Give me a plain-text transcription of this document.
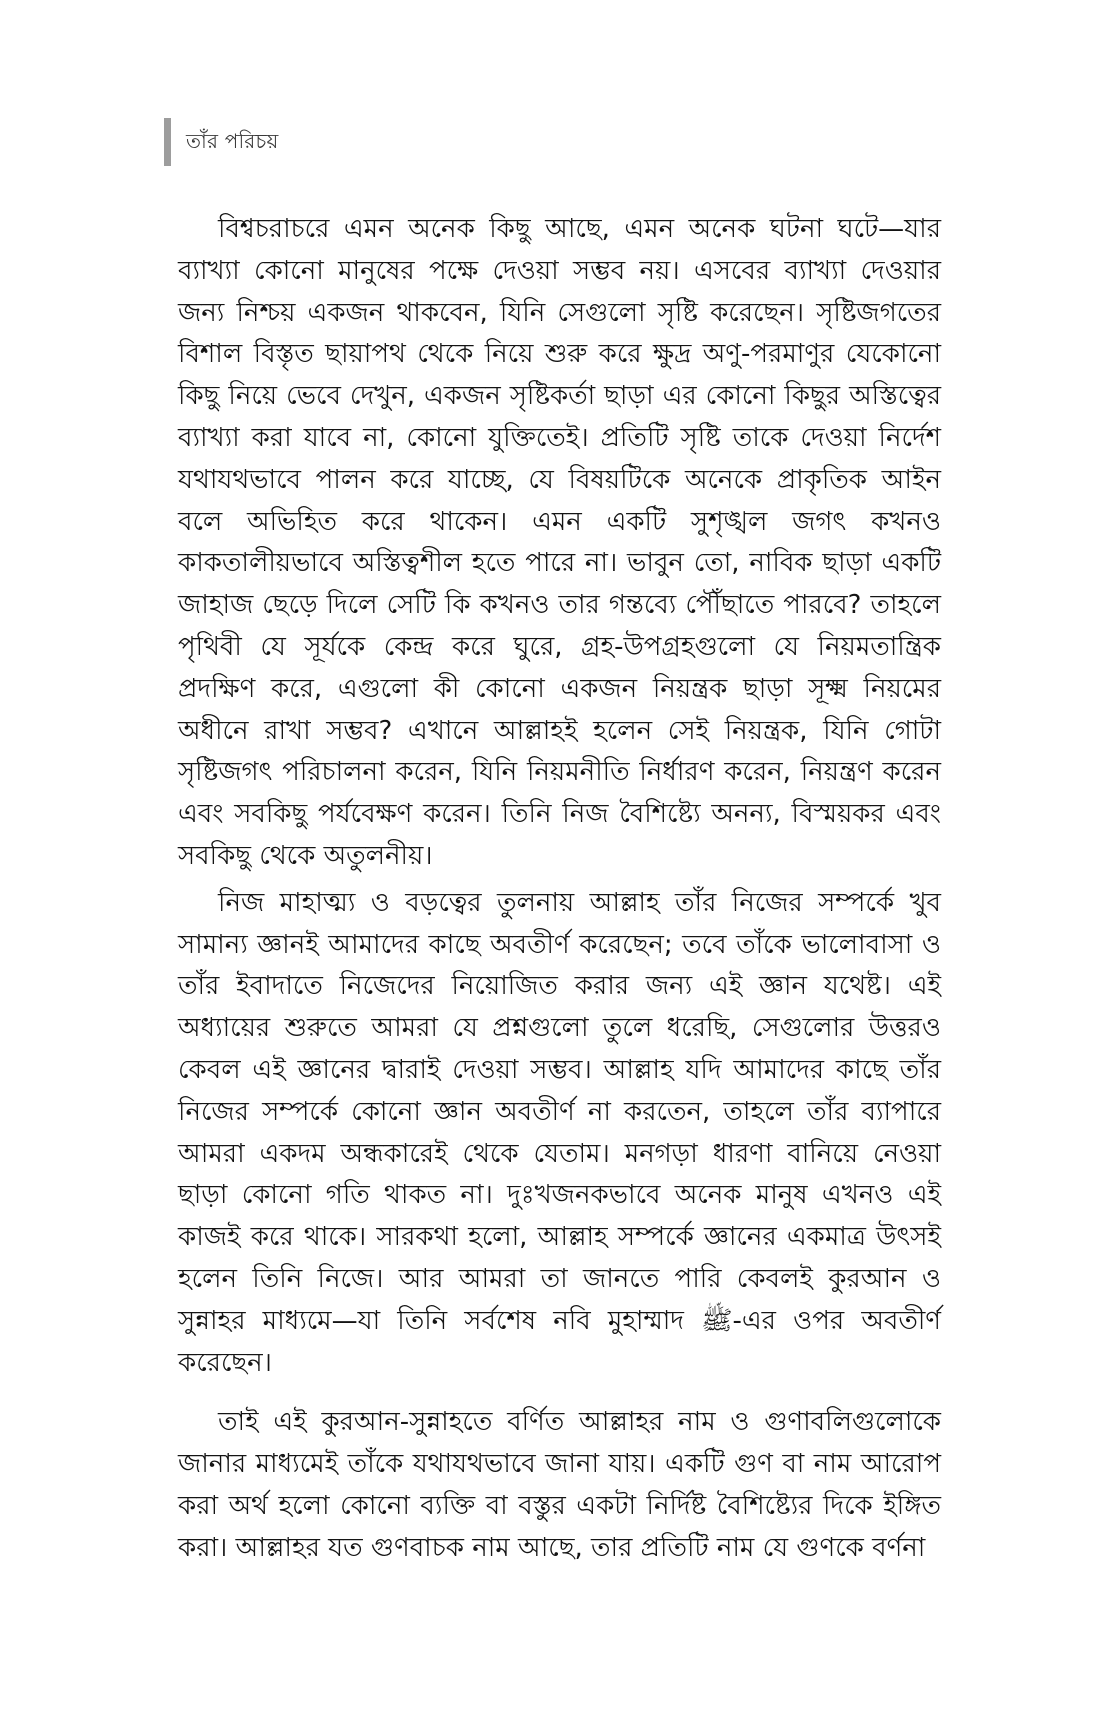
তাঁর পরিচয়

বিশ্বচরাচরে এমন অনেক কিছু আছে, এমন অনেক ঘটনা ঘটে—যার ব্যাখ্যা কোনো মানুষের পক্ষে দেওয়া সম্ভব নয়। এসবের ব্যাখ্যা দেওয়ার জন্য নিশ্চয় একজন থাকবেন, যিনি সেগুলো সৃষ্টি করেছেন। সৃষ্টিজগতের বিশাল বিস্তৃত ছায়াপথ থেকে নিয়ে শুরু করে ক্ষুদ্র অণু-পরমাণুর যেকোনো কিছু নিয়ে ভেবে দেখুন, একজন সৃষ্টিকর্তা ছাড়া এর কোনো কিছুর অস্তিত্বের ব্যাখ্যা করা যাবে না, কোনো যুক্তিতেই। প্রতিটি সৃষ্টি তাকে দেওয়া নির্দেশ যথাযথভাবে পালন করে যাচ্ছে, যে বিষয়টিকে অনেকে প্রাকৃতিক আইন বলে অভিহিত করে থাকেন। এমন একটি সুশৃঙ্খল জগৎ কখনও কাকতালীয়ভাবে অস্তিত্বশীল হতে পারে না। ভাবুন তো, নাবিক ছাড়া একটি জাহাজ ছেড়ে দিলে সেটি কি কখনও তার গন্তব্যে পৌঁছাতে পারবে? তাহলে পৃথিবী যে সূর্যকে কেন্দ্র করে ঘুরে, গ্রহ-উপগ্রহগুলো যে নিয়মতান্ত্রিক প্রদক্ষিণ করে, এগুলো কী কোনো একজন নিয়ন্ত্রক ছাড়া সূক্ষ্ম নিয়মের অধীনে রাখা সম্ভব? এখানে আল্লাহই হলেন সেই নিয়ন্ত্রক, যিনি গোটা সৃষ্টিজগৎ পরিচালনা করেন, যিনি নিয়মনীতি নির্ধারণ করেন, নিয়ন্ত্রণ করেন এবং সবকিছু পর্যবেক্ষণ করেন। তিনি নিজ বৈশিষ্ট্যে অনন্য, বিস্ময়কর এবং সবকিছু থেকে অতুলনীয়।

নিজ মাহাত্ম্য ও বড়ত্বের তুলনায় আল্লাহ তাঁর নিজের সম্পর্কে খুব সামান্য জ্ঞানই আমাদের কাছে অবতীর্ণ করেছেন; তবে তাঁকে ভালোবাসা ও তাঁর ইবাদাতে নিজেদের নিয়োজিত করার জন্য এই জ্ঞান যথেষ্ট। এই অধ্যায়ের শুরুতে আমরা যে প্রশ্নগুলো তুলে ধরেছি, সেগুলোর উত্তরও কেবল এই জ্ঞানের দ্বারাই দেওয়া সম্ভব। আল্লাহ যদি আমাদের কাছে তাঁর নিজের সম্পর্কে কোনো জ্ঞান অবতীর্ণ না করতেন, তাহলে তাঁর ব্যাপারে আমরা একদম অন্ধকারেই থেকে যেতাম। মনগড়া ধারণা বানিয়ে নেওয়া ছাড়া কোনো গতি থাকত না। দুঃখজনকভাবে অনেক মানুষ এখনও এই কাজই করে থাকে। সারকথা হলো, আল্লাহ সম্পর্কে জ্ঞানের একমাত্র উৎসই হলেন তিনি নিজে। আর আমরা তা জানতে পারি কেবলই কুরআন ও সুন্নাহর মাধ্যমে—যা তিনি সর্বশেষ নবি মুহাম্মাদ ﷺ-এর ওপর অবতীর্ণ করেছেন।

তাই এই কুরআন-সুন্নাহতে বর্ণিত আল্লাহর নাম ও গুণাবলিগুলোকে জানার মাধ্যমেই তাঁকে যথাযথভাবে জানা যায়। একটি গুণ বা নাম আরোপ করা অর্থ হলো কোনো ব্যক্তি বা বস্তুর একটা নির্দিষ্ট বৈশিষ্ট্যের দিকে ইঙ্গিত করা। আল্লাহর যত গুণবাচক নাম আছে, তার প্রতিটি নাম যে গুণকে বর্ণনা
